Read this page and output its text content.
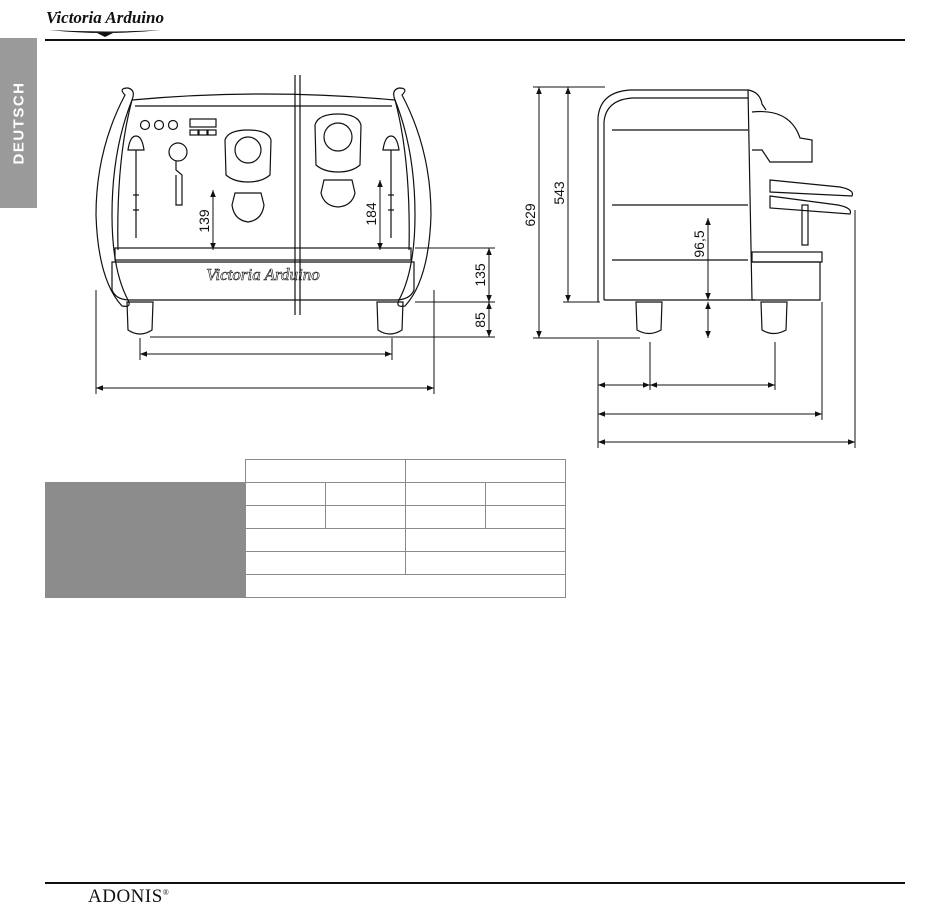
Victoria Arduino
DEUTSCH
Victoria Arduino
139	184
135
85
629
543
96,5

ADONIS®
